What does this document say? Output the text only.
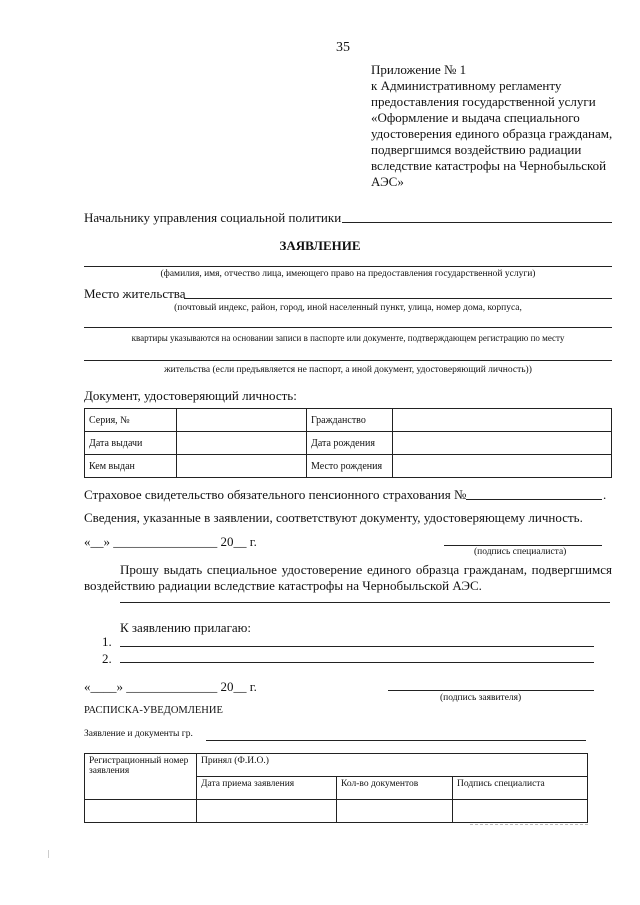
35
Приложение № 1
к Административному регламенту
предоставления государственной услуги
«Оформление и выдача специального
удостоверения единого образца гражданам,
подвергшимся воздействию радиации
вследствие катастрофы на Чернобыльской
АЭС»
Начальнику управления социальной политики
ЗАЯВЛЕНИЕ
(фамилия, имя, отчество лица, имеющего право на предоставления государственной услуги)
Место жительства
(почтовый индекс, район, город, иной населенный пункт, улица, номер дома, корпуса,
квартиры указываются на основании записи в паспорте или документе, подтверждающем регистрацию по месту
жительства (если предъявляется не паспорт, а иной документ, удостоверяющий личность))
Документ, удостоверяющий личность:
Серия, №		Гражданство	
Дата выдачи		Дата рождения	
Кем выдан		Место рождения	
Страховое свидетельство обязательного пенсионного страхования №	.
Сведения, указанные в заявлении, соответствуют документу, удостоверяющему личность.
«__» ________________ 20__ г.
(подпись специалиста)
Прошу выдать специальное удостоверение единого образца гражданам, подвергшимся воздействию радиации вследствие катастрофы на Чернобыльской АЭС.
К заявлению прилагаю:
1.
2.
«____» ______________ 20__ г.
(подпись заявителя)
РАСПИСКА-УВЕДОМЛЕНИЕ
Заявление и документы гр.
Регистрационный номер заявления	Принял (Ф.И.О.)		
	Дата приема заявления	Кол-во документов	Подпись специалиста
